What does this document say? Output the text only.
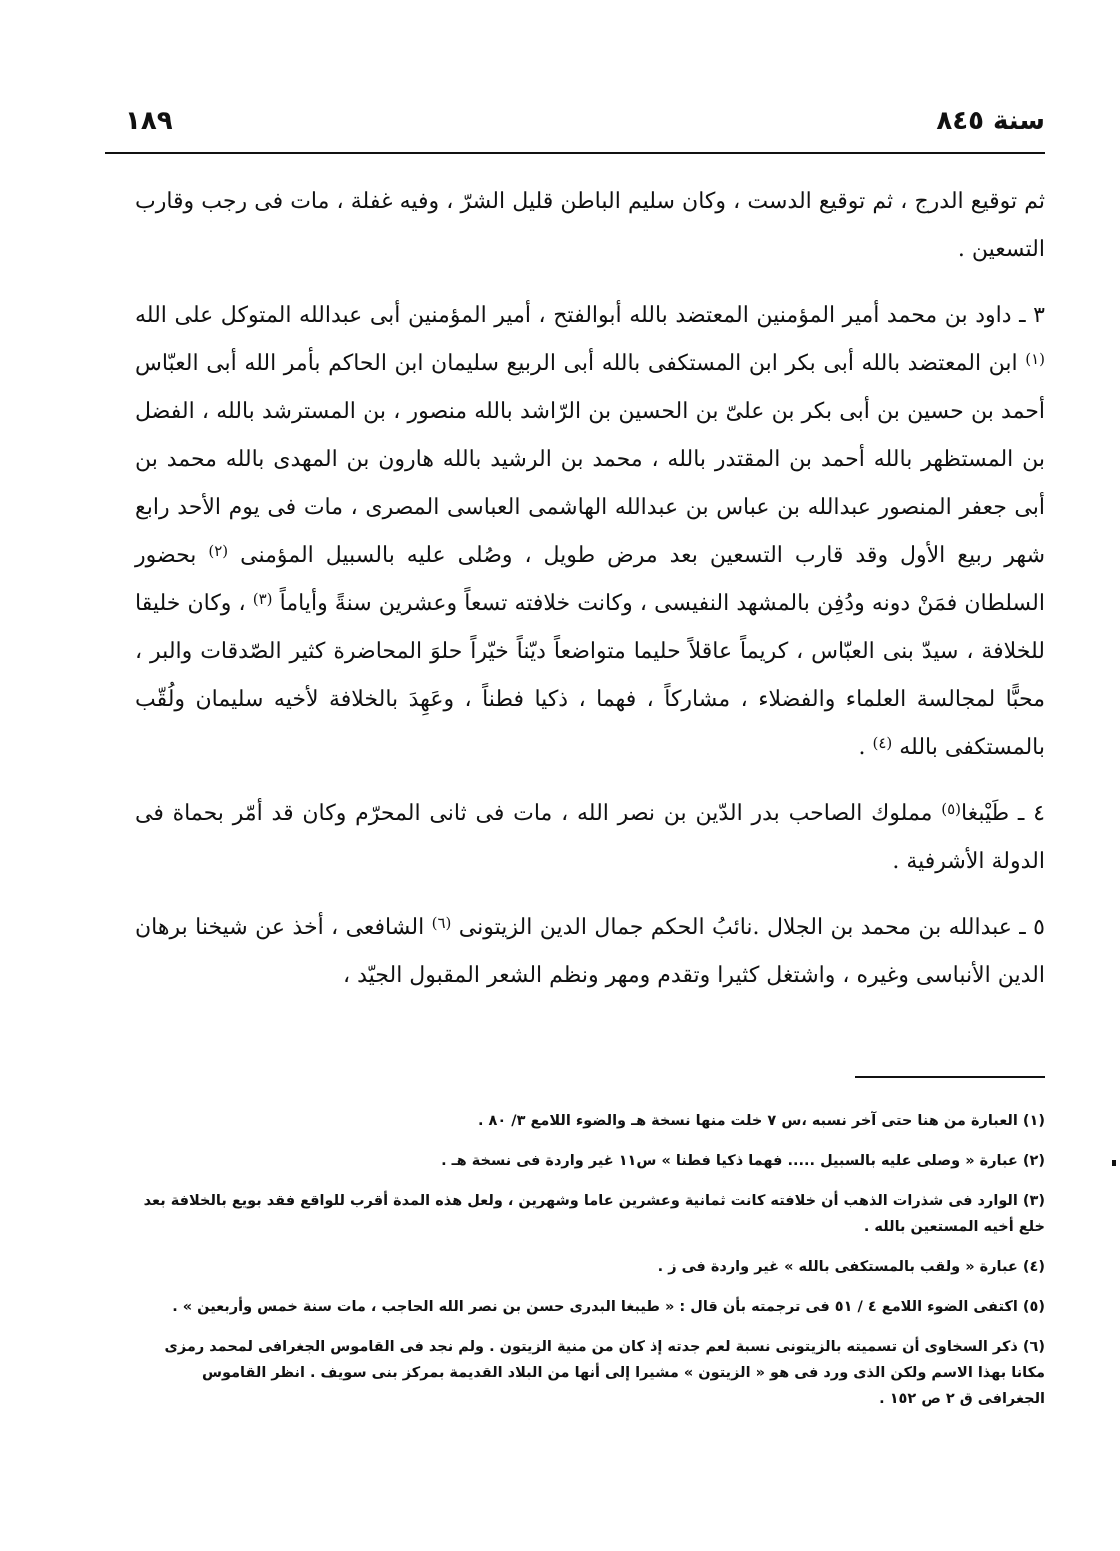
سنة ٨٤٥
١٨٩

ثم توقيع الدرج ، ثم توقيع الدست ، وكان سليم الباطن قليل الشرّ ، وفيه غفلة ، مات فى رجب وقارب التسعين .

٣ ـ داود بن محمد أمير المؤمنين المعتضد بالله أبوالفتح ، أمير المؤمنين أبى عبدالله المتوكل على الله $^{(١)}$ ابن المعتضد بالله أبى بكر ابن المستكفى بالله أبى الربيع سليمان ابن الحاكم بأمر الله أبى العبّاس أحمد بن حسين بن أبى بكر بن علىّ بن الحسين بن الرّاشد بالله منصور ، بن المسترشد بالله ، الفضل بن المستظهر بالله أحمد بن المقتدر بالله ، محمد بن الرشيد بالله هارون بن المهدى بالله محمد بن أبى جعفر المنصور عبدالله بن عباس بن عبدالله الهاشمى العباسى المصرى ، مات فى يوم الأحد رابع شهر ربيع الأول وقد قارب التسعين بعد مرض طويل ، وصُلى عليه بالسبيل المؤمنى $^{(٢)}$ بحضور السلطان فمَنْ دونه ودُفِن بالمشهد النفيسى ، وكانت خلافته تسعاً وعشرين سنةً وأياماً $^{(٣)}$ ، وكان خليقا للخلافة ، سيدّ بنى العبّاس ، كريماً عاقلاً حليما متواضعاً ديّناً خيّراً حلوَ المحاضرة كثير الصّدقات والبر ، محبًّا لمجالسة العلماء والفضلاء ، مشاركاً ، فهما ، ذكيا فطناً ، وعَهِدَ بالخلافة لأخيه سليمان ولُقّب بالمستكفى بالله $^{(٤)}$ .

٤ ـ طَيْبغا$^{(٥)}$ مملوك الصاحب بدر الدّين بن نصر الله ، مات فى ثانى المحرّم وكان قد أمّر بحماة فى الدولة الأشرفية .

٥ ـ عبدالله بن محمد بن الجلال .نائبُ الحكم جمال الدين الزيتونى $^{(٦)}$ الشافعى ، أخذ عن شيخنا برهان الدين الأنباسى وغيره ، واشتغل كثيرا وتقدم ومهر ونظم الشعر المقبول الجيّد ،

(١) العبارة من هنا حتى آخر نسبه ،س ٧ خلت منها نسخة هـ والضوء اللامع ٣/ ٨٠ .

(٢) عبارة « وصلى عليه بالسبيل ..... فهما ذكيا فطنا » س١١ غير واردة فى نسخة هـ .

(٣) الوارد فى شذرات الذهب أن خلافته كانت ثمانية وعشرين عاما وشهرين ، ولعل هذه المدة أقرب للواقع فقد بويع بالخلافة بعد خلع أخيه المستعين بالله .

(٤) عبارة « ولقب بالمستكفى بالله » غير واردة فى ز .

(٥) اكتفى الضوء اللامع ٤ / ٥١ فى ترجمته بأن قال : « طيبغا البدرى حسن بن نصر الله الحاجب ، مات سنة خمس وأربعين » .

(٦) ذكر السخاوى أن تسميته بالزيتونى نسبة لعم جدته إذ كان من منية الزيتون . ولم نجد فى القاموس الجغرافى لمحمد رمزى مكانا بهذا الاسم ولكن الذى ورد فى هو « الزيتون » مشيرا إلى أنها من البلاد القديمة بمركز بنى سويف . انظر القاموس الجغرافى ق ٢ ص ١٥٢ .
